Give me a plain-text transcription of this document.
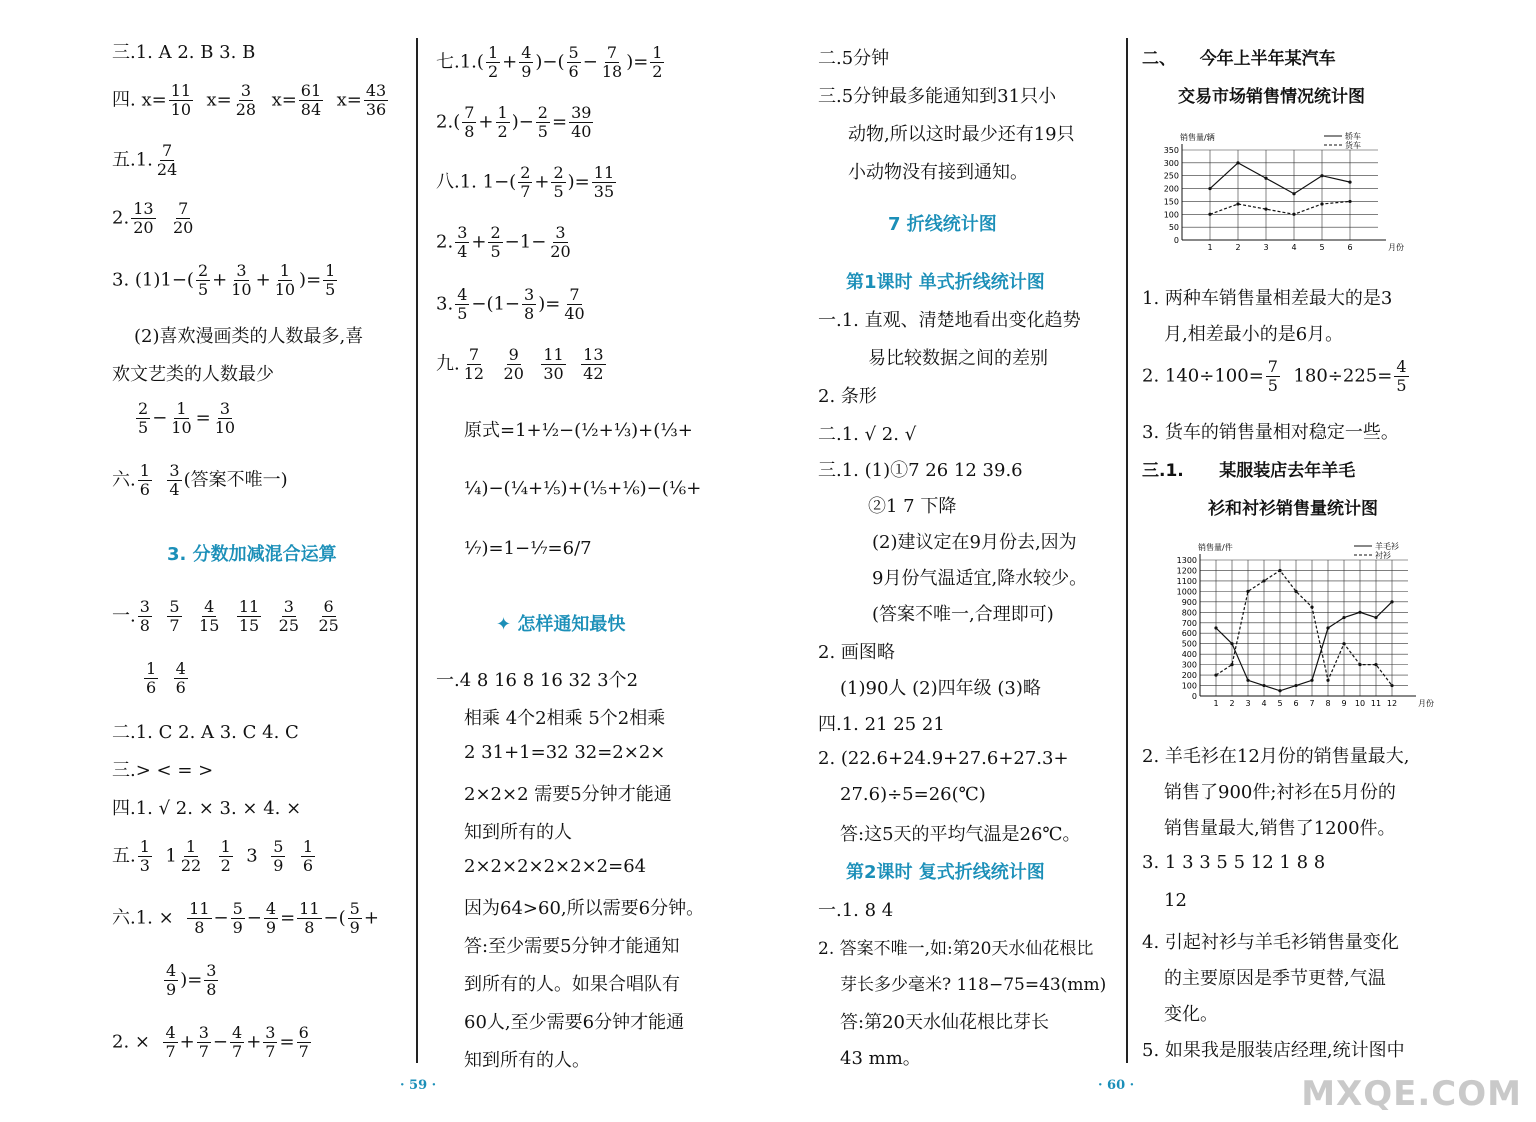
三.1. A 2. B 3. B
四. $x= \frac{11}{10} x= \frac{3}{28} x= \frac{61}{84} x= \frac{43}{36}$
五.1. $\frac{7}{24}$
2. $\frac{13}{20}$
$\frac{7}{20}$
3. $(1)1-( \frac{2}{5} + \frac{3}{10} + \frac{1}{10}$ )= $\frac{1}{5}$
(2)喜欢漫画类的人数最多,喜
欢文艺类的人数最少
$\frac{2}{5} - \frac{1}{10} = \frac{3}{10}$
六. $\frac{1}{6}$
$\frac{3}{4}$ (答案不唯一)
3. 分数加减混合运算
一. $\frac{3}{8}$
$\frac{5}{7}$
$\frac{4}{15}$
$\frac{11}{15}$
$\frac{3}{25}$
$\frac{6}{25}$
$\frac{1}{6}$
$\frac{4}{6}$
二.1. C 2. A 3. C 4. C
三.> < = >
四.1. √ 2. × 3. × 4. ×
五. $\frac{1}{3} 1 \frac{1}{22}$
$\frac{1}{2} 3 \frac{5}{9}$
$\frac{1}{6}$
六.1. × $\frac{11}{8} - \frac{5}{9} - \frac{4}{9} = \frac{11}{8}$ −( $\frac{5}{9}$ +
$\frac{4}{9}$ )= $\frac{3}{8}$
2. × $\frac{4}{7} + \frac{3}{7} - \frac{4}{7} + \frac{3}{7} = \frac{6}{7}$
七$.1.( \frac{1}{2} + \frac{4}{9}$ )−( $\frac{5}{6} - \frac{7}{18}$ )= $\frac{1}{2}$
$2.( \frac{7}{8} + \frac{1}{2}$ )− $\frac{2}{5} = \frac{39}{40}$
八.1. $1-( \frac{2}{7} + \frac{2}{5}$ )= $\frac{11}{35}$
2. $\frac{3}{4} + \frac{2}{5} -1- \frac{3}{20}$
3. $\frac{4}{5} -(1- \frac{3}{8}$ )= $\frac{7}{40}$
九. $\frac{7}{12}$
$\frac{9}{20}$
$\frac{11}{30}$
$\frac{13}{42}$
原式=1+½−(½+⅓)+(⅓+
¼)−(¼+⅕)+(⅕+⅙)−(⅙+
⅐)=1−⅐=6/7
✦ 怎样通知最快
一.4 8 16 8 16 32 3个2
相乘 4个2相乘 5个2相乘
2 31+1=32 32=2×2×
2×2×2 需要5分钟才能通
知到所有的人
2×2×2×2×2×2=64
因为64>60,所以需要6分钟。
答:至少需要5分钟才能通知
到所有的人。如果合唱队有
60人,至少需要6分钟才能通
知到所有的人。
· 59 ·
二.5分钟
三.5分钟最多能通知到31只小
动物,所以这时最少还有19只
小动物没有接到通知。
7 折线统计图
第1课时 单式折线统计图
一.1. 直观、清楚地看出变化趋势
易比较数据之间的差别
2. 条形
二.1. √ 2. √
三.1. (1)①7 26 12 39.6
②1 7 下降
(2)建议定在9月份去,因为
9月份气温适宜,降水较少。
(答案不唯一,合理即可)
2. 画图略
(1)90人 (2)四年级 (3)略
四.1. 21 25 21
2. (22.6+24.9+27.6+27.3+
27.6)÷5=26(℃)
答:这5天的平均气温是26℃。
第2课时 复式折线统计图
一.1. 8 4
2. 答案不唯一,如:第20天水仙花根比
芽长多少毫米? 118−75=43(mm)
答:第20天水仙花根比芽长
43 mm。
· 60 ·
二、 今年上半年某汽车
交易市场销售情况统计图
0
50
100
150
200
250
300
350
1	2	3	4	5	6
销售量/辆
月份
轿车
货车
1. 两种车销售量相差最大的是3
月,相差最小的是6月。
2. $140\div 100= \frac{7}{5} 180\div 225= \frac{4}{5}$
3. 货车的销售量相对稳定一些。
三.1. 某服装店去年羊毛
衫和衬衫销售量统计图
0
100
200
300
400
500
600
700
800
900
1000
1100
1200
1300
1 2 3 4 5 6 7 8 9 10 11 12
销售量/件
月份
羊毛衫
衬衫
2. 羊毛衫在12月份的销售量最大,
销售了900件;衬衫在5月份的
销售量最大,销售了1200件。
3. 1 3 3 5 5 12 1 8 8
12
4. 引起衬衫与羊毛衫销售量变化
的主要原因是季节更替,气温
变化。
5. 如果我是服装店经理,统计图中
MXQE.COM
